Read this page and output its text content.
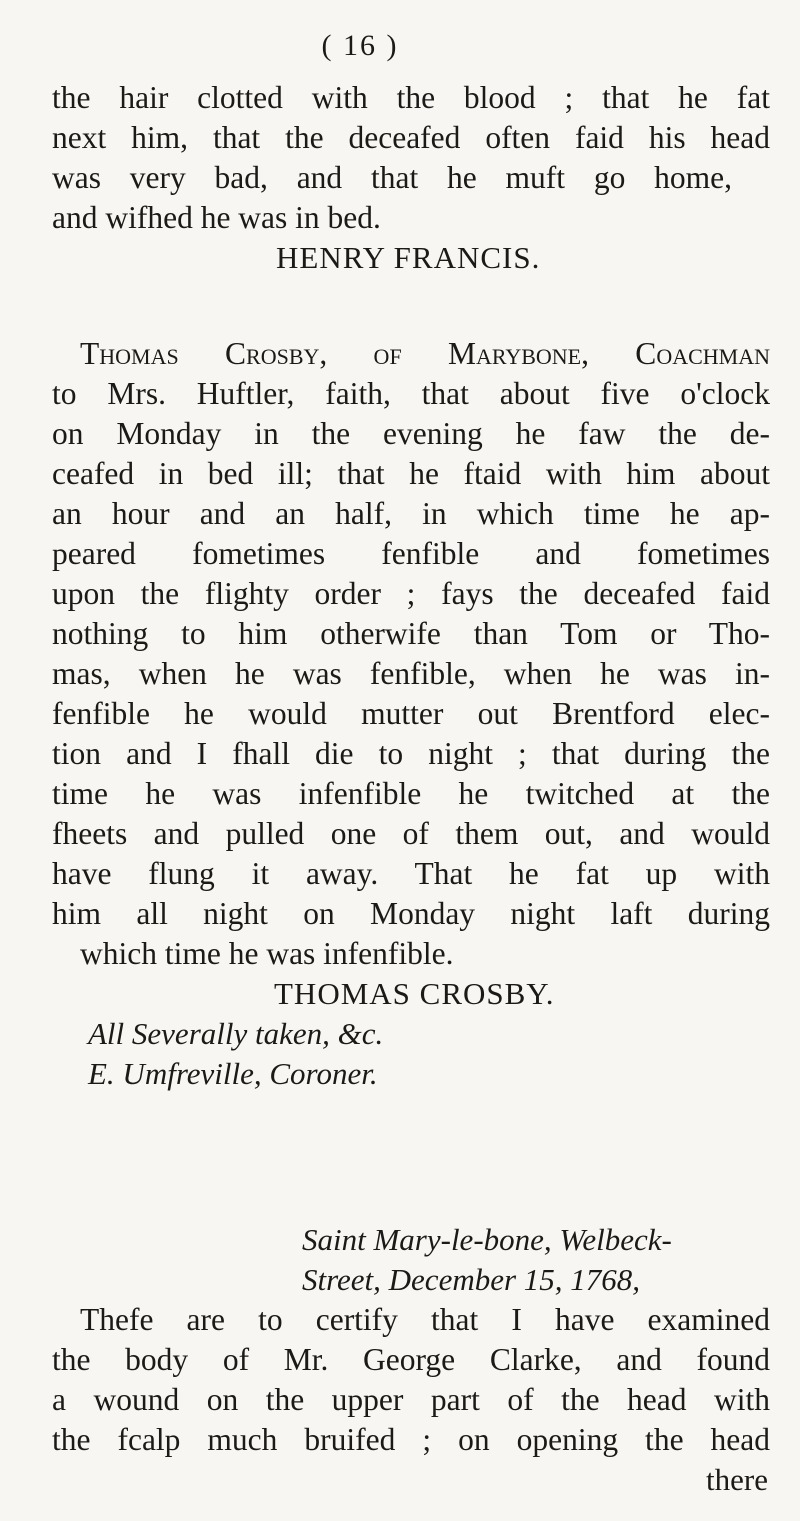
( 16 )
the hair clotted with the blood ; that he fat
next him, that the deceafed often faid his head
was very bad, and that he muft go home,
and wifhed he was in bed.
HENRY FRANCIS.
Thomas Crosby, of Marybone, Coachman
to Mrs. Huftler, faith, that about five o'clock
on Monday in the evening he faw the de-
ceafed in bed ill; that he ftaid with him about
an hour and an half, in which time he ap-
peared fometimes fenfible and fometimes
upon the flighty order ; fays the deceafed faid
nothing to him otherwife than Tom or Tho-
mas, when he was fenfible, when he was in-
fenfible he would mutter out Brentford elec-
tion and I fhall die to night ; that during the
time he was infenfible he twitched at the
fheets and pulled one of them out, and would
have flung it away. That he fat up with
him all night on Monday night laft during
which time he was infenfible.
THOMAS CROSBY.
All Severally taken, &c.
E. Umfreville, Coroner.
Saint Mary-le-bone, Welbeck-
Street, December 15, 1768,
Thefe are to certify that I have examined
the body of Mr. George Clarke, and found
a wound on the upper part of the head with
the fcalp much bruifed ; on opening the head
there
